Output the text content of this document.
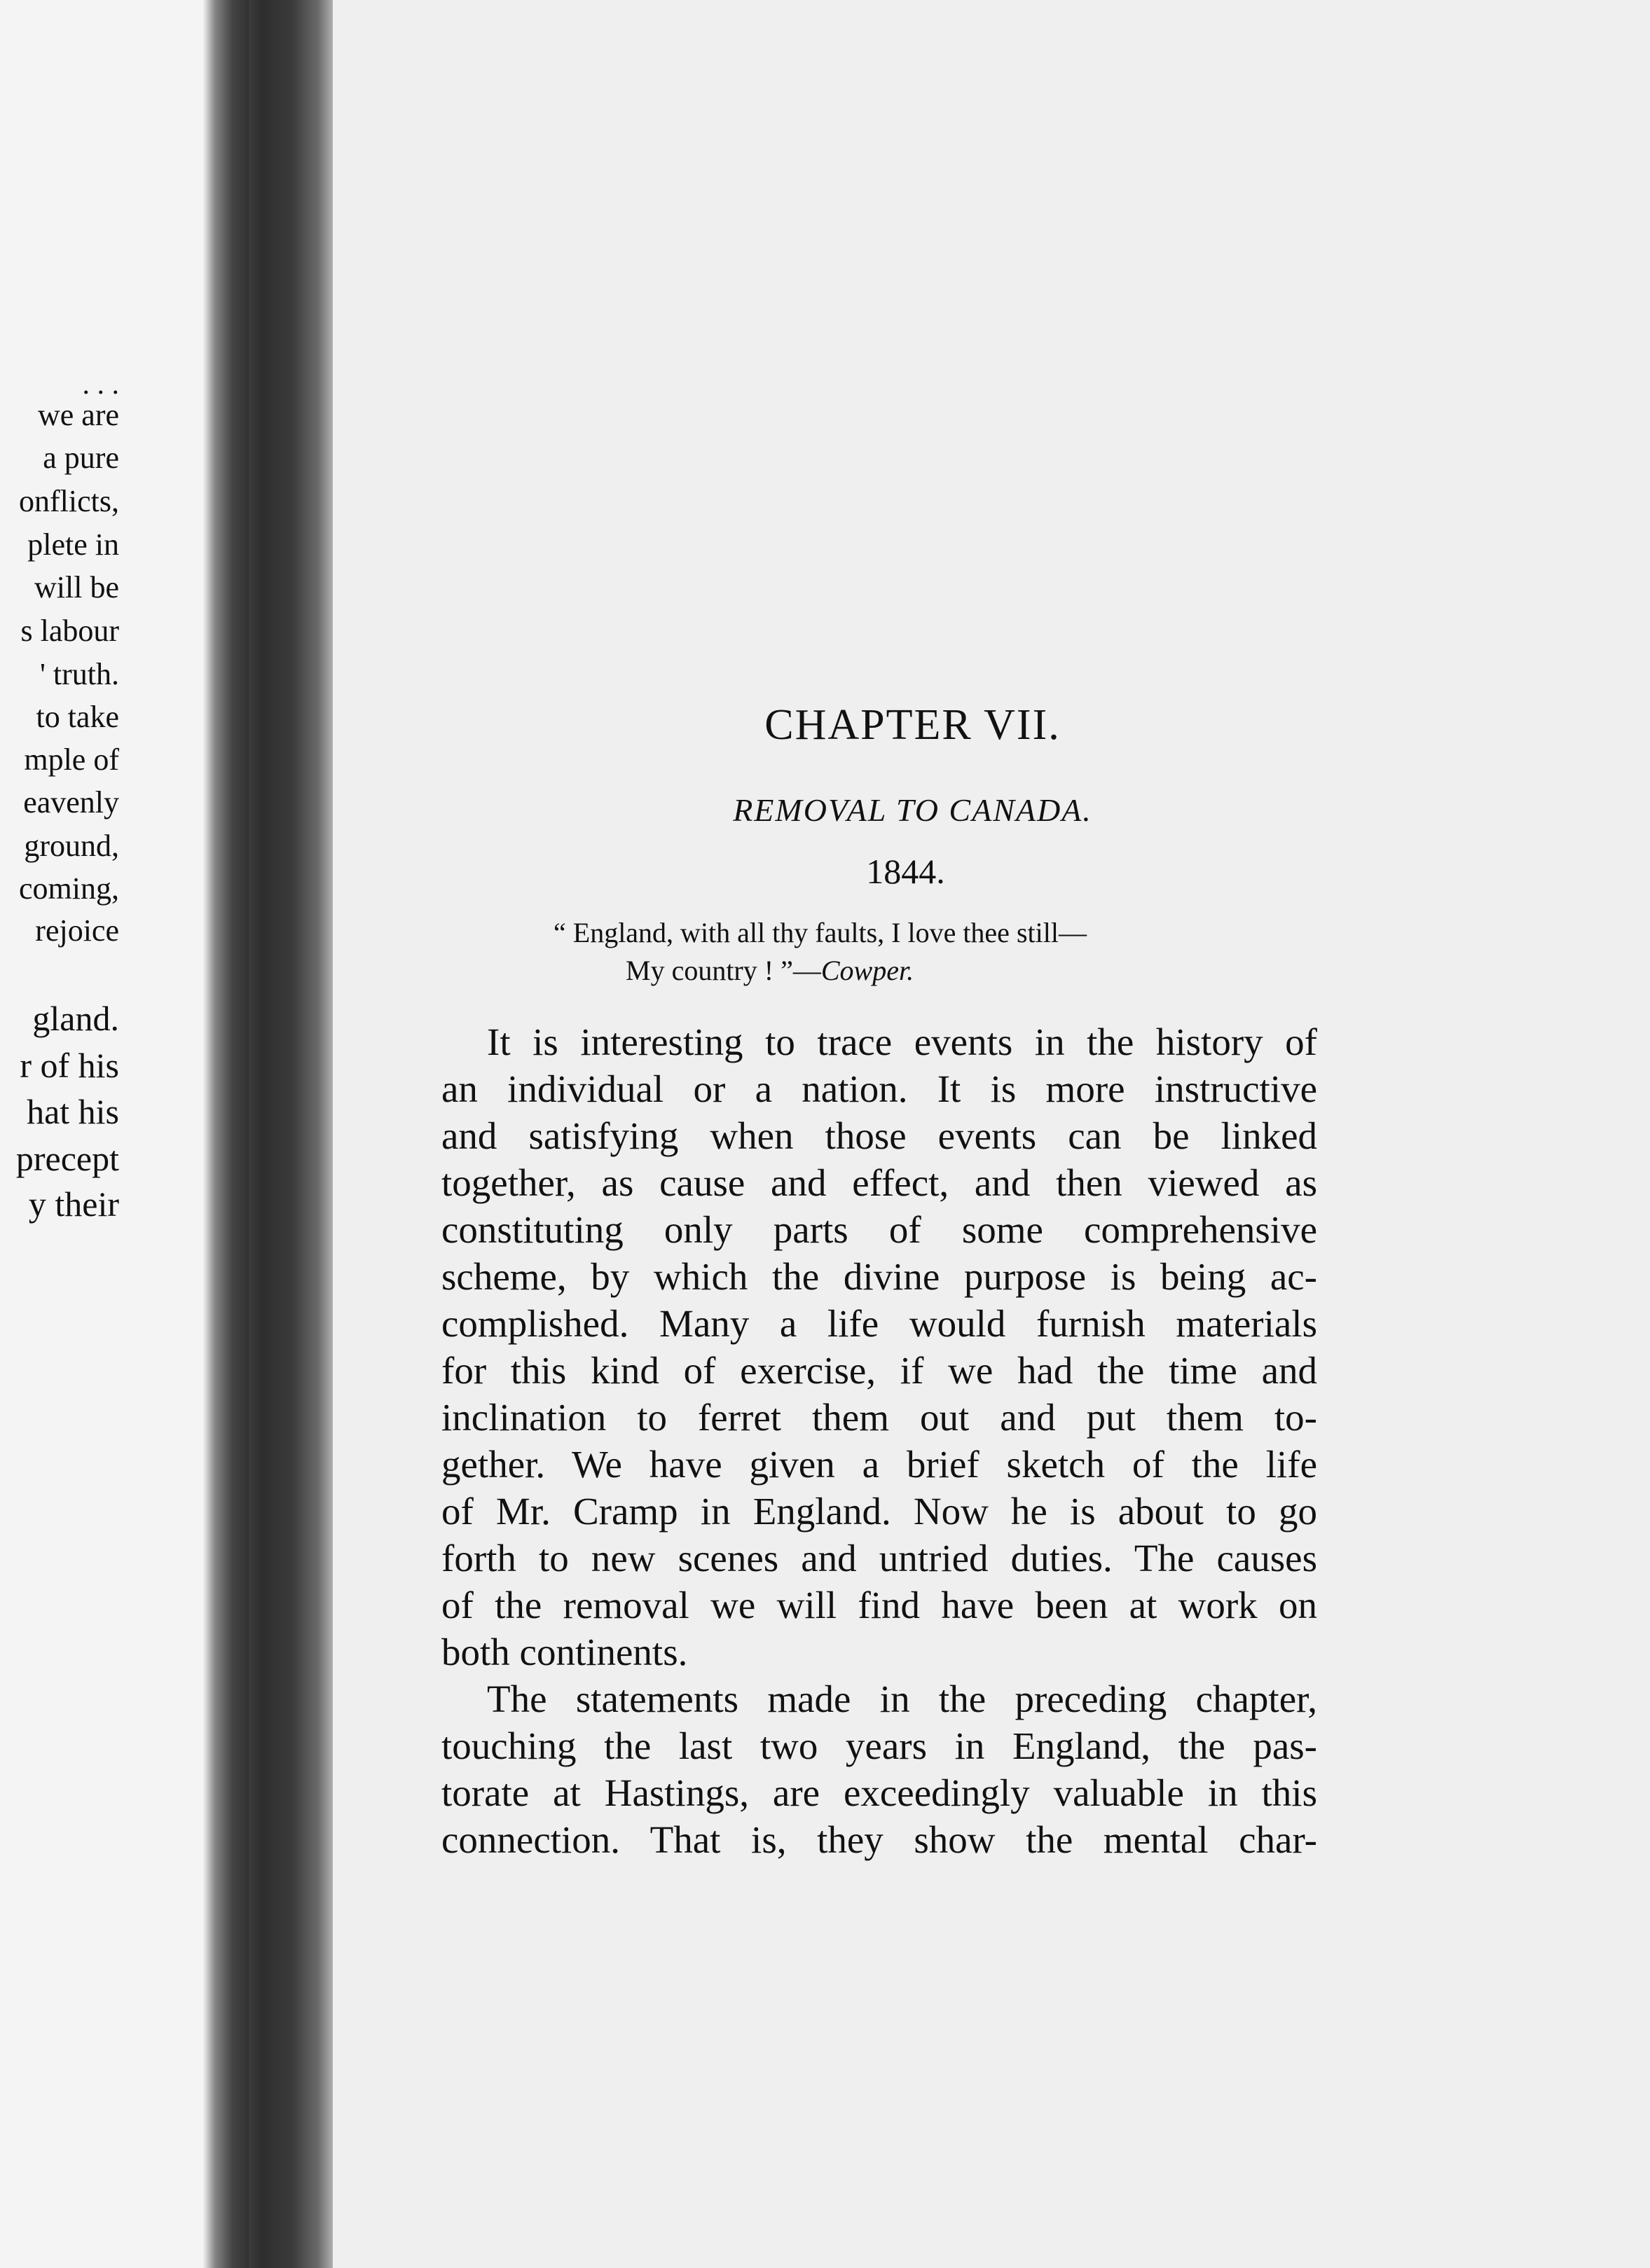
. . .
we are
a pure
onflicts,
plete in
will be
s labour
' truth.
to take
mple of
eavenly
ground,
coming,
rejoice
gland.
r of his
hat his
precept
y their
CHAPTER VII.
REMOVAL TO CANADA.
1844.

“ England, with all thy faults, I love thee still—

My country ! ”—Cowper.

It is interesting to trace events in the history of

an individual or a nation. It is more instructive

and satisfying when those events can be linked

together, as cause and effect, and then viewed as

constituting only parts of some comprehensive

scheme, by which the divine purpose is being ac-

complished. Many a life would furnish materials

for this kind of exercise, if we had the time and

inclination to ferret them out and put them to-

gether. We have given a brief sketch of the life

of Mr. Cramp in England. Now he is about to go

forth to new scenes and untried duties. The causes

of the removal we will find have been at work on

both continents.

The statements made in the preceding chapter,

touching the last two years in England, the pas-

torate at Hastings, are exceedingly valuable in this

connection. That is, they show the mental char-
